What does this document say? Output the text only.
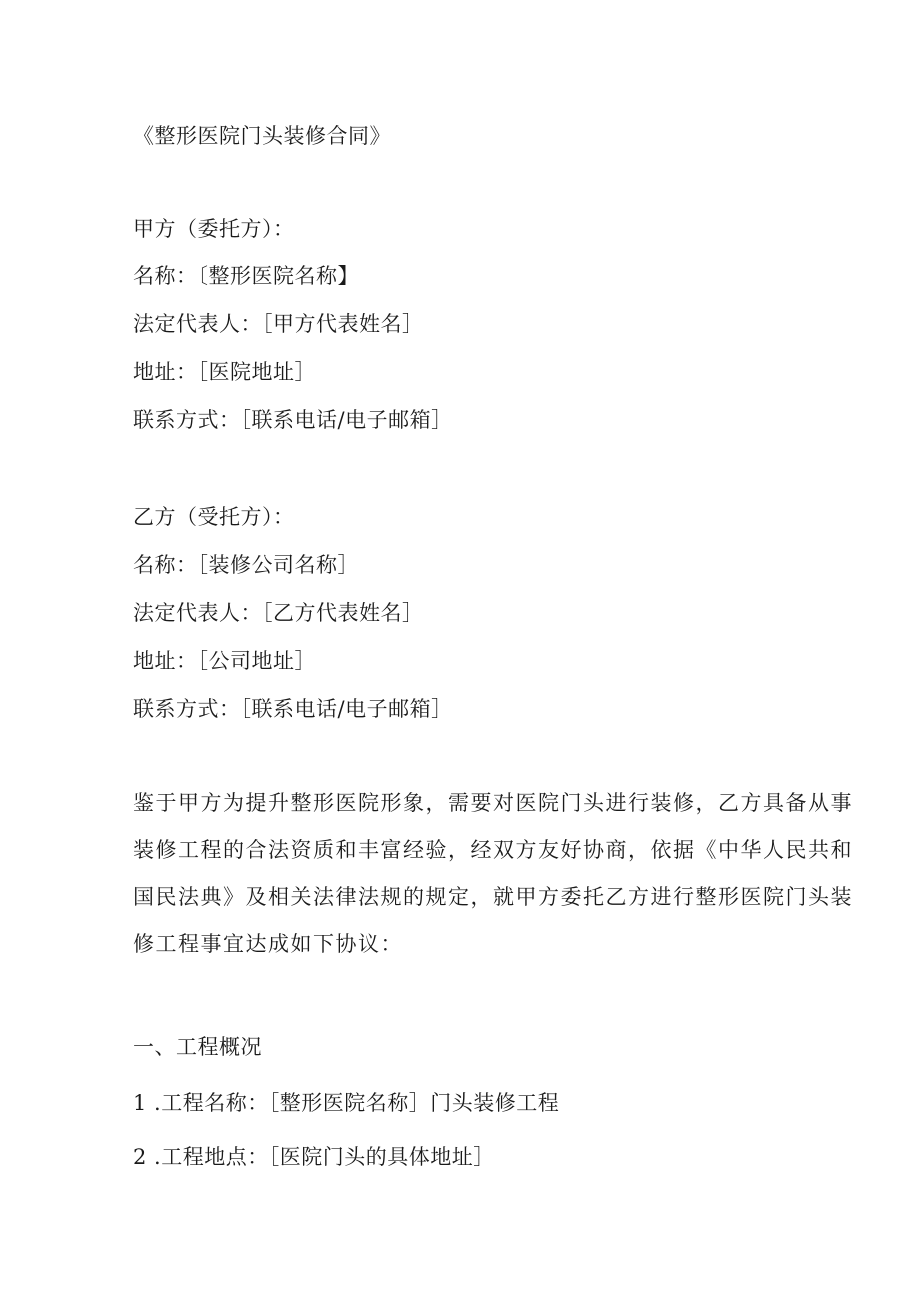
《整形医院门头装修合同》
甲方（委托方）：
名称：〔整形医院名称】
法定代表人：［甲方代表姓名］
地址：［医院地址］
联系方式：［联系电话/电子邮箱］
乙方（受托方）：
名称：［装修公司名称］
法定代表人：［乙方代表姓名］
地址：［公司地址］
联系方式：［联系电话/电子邮箱］
鉴于甲方为提升整形医院形象，需要对医院门头进行装修，乙方具备从事
装修工程的合法资质和丰富经验，经双方友好协商，依据《中华人民共和
国民法典》及相关法律法规的规定，就甲方委托乙方进行整形医院门头装
修工程事宜达成如下协议：
一、工程概况
1 .工程名称：［整形医院名称］门头装修工程
2 .工程地点：［医院门头的具体地址］
